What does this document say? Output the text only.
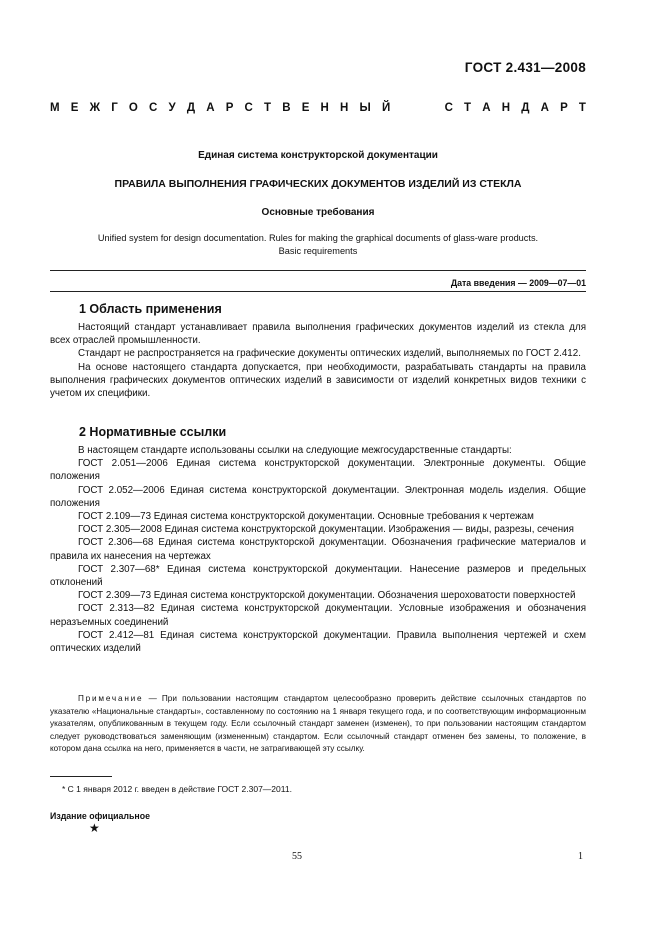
ГОСТ 2.431—2008
М Е Ж Г О С У Д А Р С Т В Е Н Н Ы Й	С Т А Н Д А Р Т
Единая система конструкторской документации
ПРАВИЛА ВЫПОЛНЕНИЯ ГРАФИЧЕСКИХ ДОКУМЕНТОВ ИЗДЕЛИЙ ИЗ СТЕКЛА
Основные требования
Unified system for design documentation. Rules for making the graphical documents of glass-ware products.
Basic requirements
Дата введения — 2009—07—01
1 Область применения
Настоящий стандарт устанавливает правила выполнения графических документов изделий из стекла для всех отраслей промышленности.
Стандарт не распространяется на графические документы оптических изделий, выполняемых по ГОСТ 2.412.
На основе настоящего стандарта допускается, при необходимости, разрабатывать стандарты на правила выполнения графических документов оптических изделий в зависимости от изделий конкретных видов техники с учетом их специфики.
2 Нормативные ссылки
В настоящем стандарте использованы ссылки на следующие межгосударственные стандарты:
ГОСТ 2.051—2006 Единая система конструкторской документации. Электронные документы. Общие положения
ГОСТ 2.052—2006 Единая система конструкторской документации. Электронная модель изделия. Общие положения
ГОСТ 2.109—73 Единая система конструкторской документации. Основные требования к чертежам
ГОСТ 2.305—2008 Единая система конструкторской документации. Изображения — виды, разрезы, сечения
ГОСТ 2.306—68 Единая система конструкторской документации. Обозначения графические материалов и правила их нанесения на чертежах
ГОСТ 2.307—68* Единая система конструкторской документации. Нанесение размеров и предельных отклонений
ГОСТ 2.309—73 Единая система конструкторской документации. Обозначения шероховатости поверхностей
ГОСТ 2.313—82 Единая система конструкторской документации. Условные изображения и обозначения неразъемных соединений
ГОСТ 2.412—81 Единая система конструкторской документации. Правила выполнения чертежей и схем оптических изделий
Примечание — При пользовании настоящим стандартом целесообразно проверить действие ссылочных стандартов по указателю «Национальные стандарты», составленному по состоянию на 1 января текущего года, и по соответствующим информационным указателям, опубликованным в текущем году. Если ссылочный стандарт заменен (изменен), то при пользовании настоящим стандартом следует руководствоваться заменяющим (измененным) стандартом. Если ссылочный стандарт отменен без замены, то положение, в котором дана ссылка на него, применяется в части, не затрагивающей эту ссылку.
* С 1 января 2012 г. введен в действие ГОСТ 2.307—2011.
Издание официальное
★
55	1
